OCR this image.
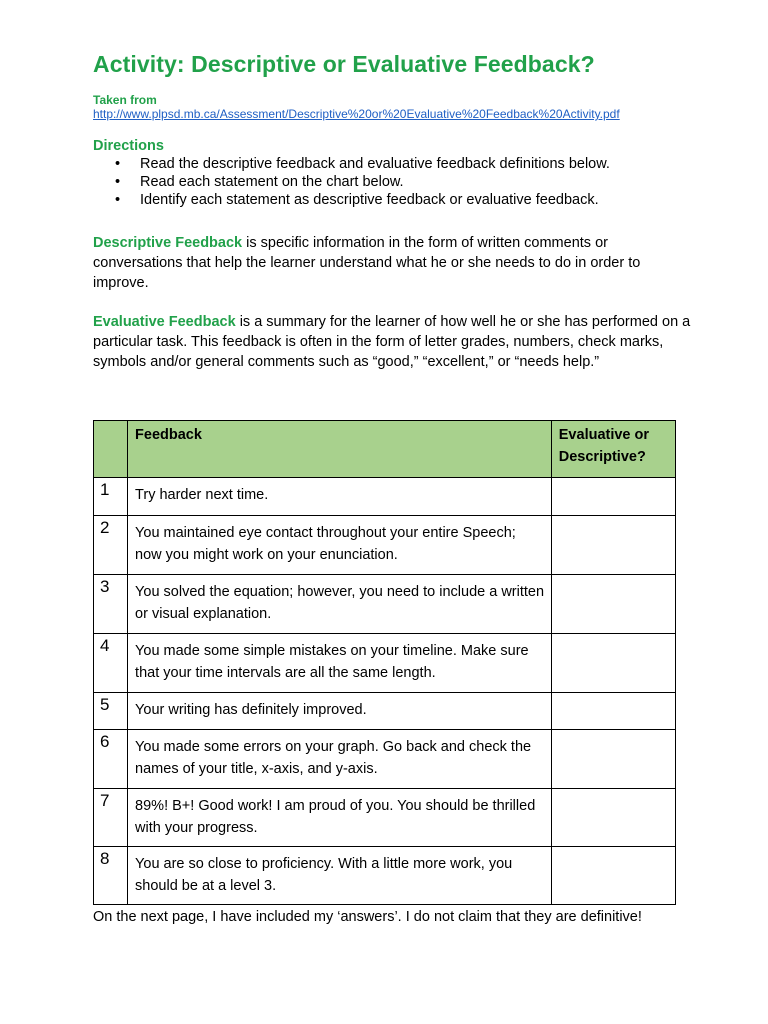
Activity: Descriptive or Evaluative Feedback?
Taken from
http://www.plpsd.mb.ca/Assessment/Descriptive%20or%20Evaluative%20Feedback%20Activity.pdf
Directions
• Read the descriptive feedback and evaluative feedback definitions below.
• Read each statement on the chart below.
• Identify each statement as descriptive feedback or evaluative feedback.

Descriptive Feedback is specific information in the form of written comments or conversations that help the learner understand what he or she needs to do in order to improve.

Evaluative Feedback is a summary for the learner of how well he or she has performed on a particular task. This feedback is often in the form of letter grades, numbers, check marks, symbols and/or general comments such as “good,” “excellent,” or “needs help.”

	Feedback	Evaluative or Descriptive?

1	Try harder next time.	

2	You maintained eye contact throughout your entire Speech; now you might work on your enunciation.	

3	You solved the equation; however, you need to include a written or visual explanation.	

4	You made some simple mistakes on your timeline. Make sure that your time intervals are all the same length.	

5	Your writing has definitely improved.	

6	You made some errors on your graph. Go back and check the names of your title, x-axis, and y-axis.	

7	89%! B+! Good work! I am proud of you. You should be thrilled with your progress.	

8	You are so close to proficiency. With a little more work, you should be at a level 3.	

On the next page, I have included my ‘answers’. I do not claim that they are definitive!
